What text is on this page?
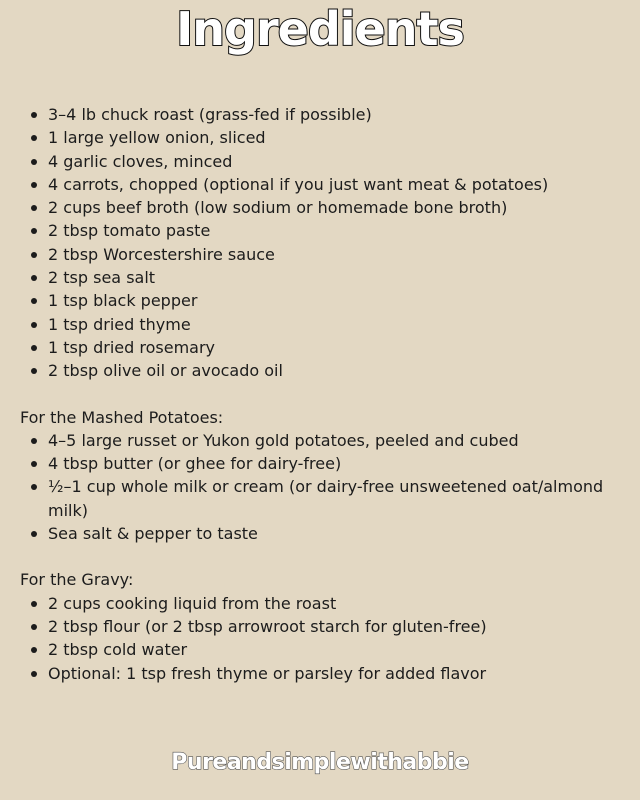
Ingredients
3–4 lb chuck roast (grass-fed if possible)
1 large yellow onion, sliced
4 garlic cloves, minced
4 carrots, chopped (optional if you just want meat & potatoes)
2 cups beef broth (low sodium or homemade bone broth)
2 tbsp tomato paste
2 tbsp Worcestershire sauce
2 tsp sea salt
1 tsp black pepper
1 tsp dried thyme
1 tsp dried rosemary
2 tbsp olive oil or avocado oil
For the Mashed Potatoes:
4–5 large russet or Yukon gold potatoes, peeled and cubed
4 tbsp butter (or ghee for dairy-free)
½–1 cup whole milk or cream (or dairy-free unsweetened oat/almond milk)
Sea salt & pepper to taste
For the Gravy:
2 cups cooking liquid from the roast
2 tbsp flour (or 2 tbsp arrowroot starch for gluten-free)
2 tbsp cold water
Optional: 1 tsp fresh thyme or parsley for added flavor
Pureandsimplewithabbie
